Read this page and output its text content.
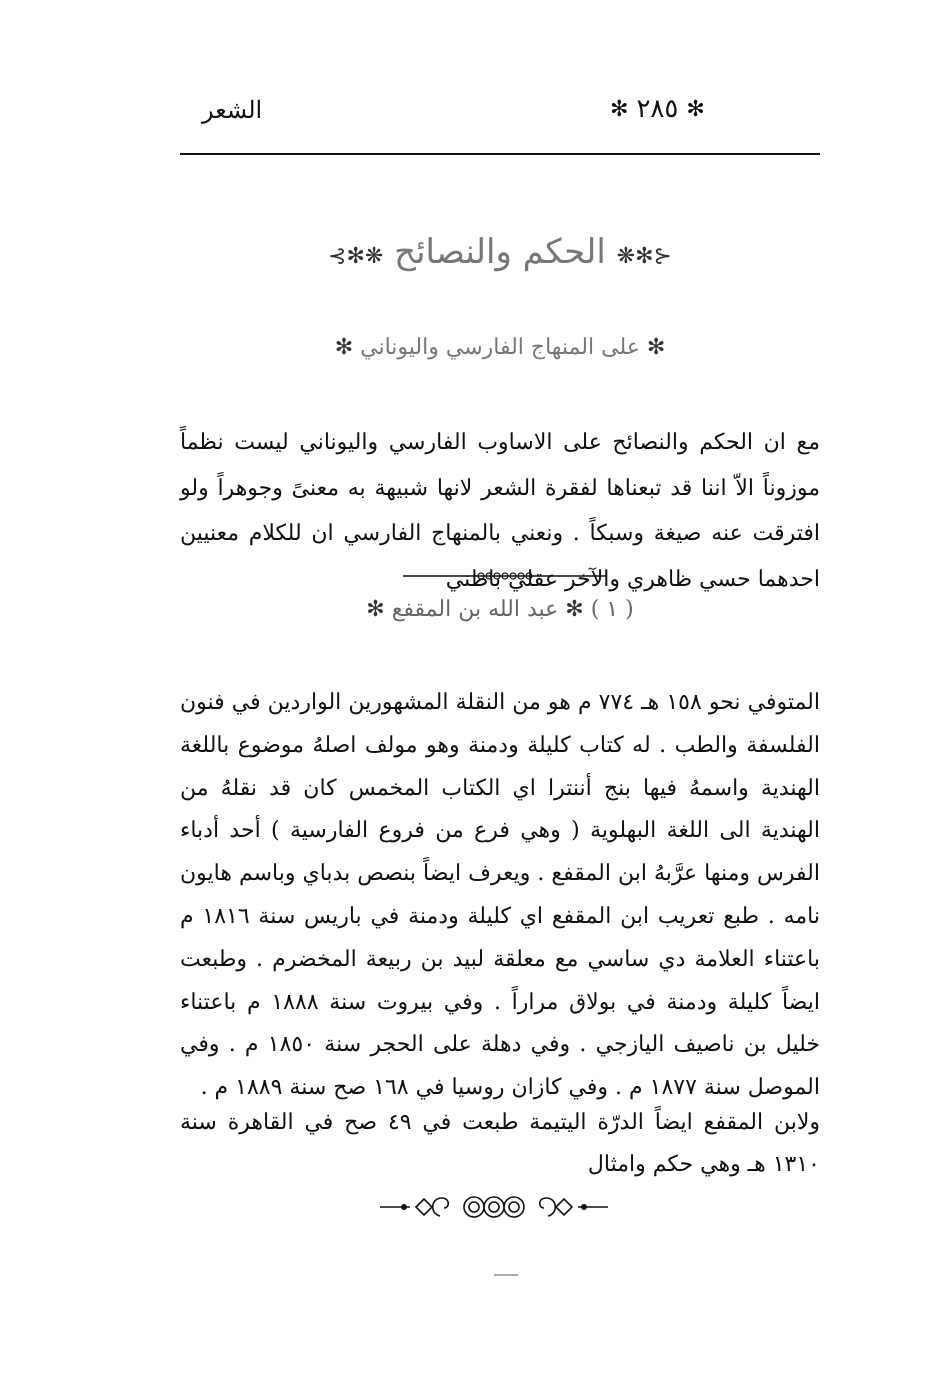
الشعر	✻
٢٨٥
✻
⊰✻❋ الحكم والنصائح ❋✻⊱
✻ على المنهاج الفارسي واليوناني ✻

مع ان الحكم والنصائح على الاساوب الفارسي واليوناني ليست نظماً موزوناً الاّ اننا قد تبعناها لفقرة الشعر لانها شبيهة به معنىً وجوهراً ولو افترقت عنه صيغة وسبكاً . ونعني بالمنهاج الفارسي ان للكلام معنيين احدهما حسي ظاهري والآخر عقلي باطني

( ١ ) ✻ عبد الله بن المقفع ✻

المتوفي نحو ١٥٨ هـ ٧٧٤ م هو من النقلة المشهورين الواردين في فنون الفلسفة والطب . له كتاب كليلة ودمنة وهو مولف اصلهُ موضوع باللغة الهندية واسمهُ فيها بنج أننترا اي الكتاب المخمس كان قد نقلهُ من الهندية الى اللغة البهلوية ( وهي فرع من فروع الفارسية ) أحد أدباء الفرس ومنها عرَّبهُ ابن المقفع . ويعرف ايضاً بنصص بدباي وباسم هايون نامه . طبع تعريب ابن المقفع اي كليلة ودمنة في باريس سنة ١٨١٦ م باعتناء العلامة دي ساسي مع معلقة لبيد بن ربيعة المخضرم . وطبعت ايضاً كليلة ودمنة في بولاق مراراً . وفي بيروت سنة ١٨٨٨ م باعتناء خليل بن ناصيف اليازجي . وفي دهلة على الحجر سنة ١٨٥٠ م . وفي الموصل سنة ١٨٧٧ م . وفي كازان روسيا في ١٦٨ صح سنة ١٨٨٩ م .

ولابن المقفع ايضاً الدرّة اليتيمة طبعت في ٤٩ صح في القاهرة سنة ١٣١٠ هـ وهي حكم وامثال
